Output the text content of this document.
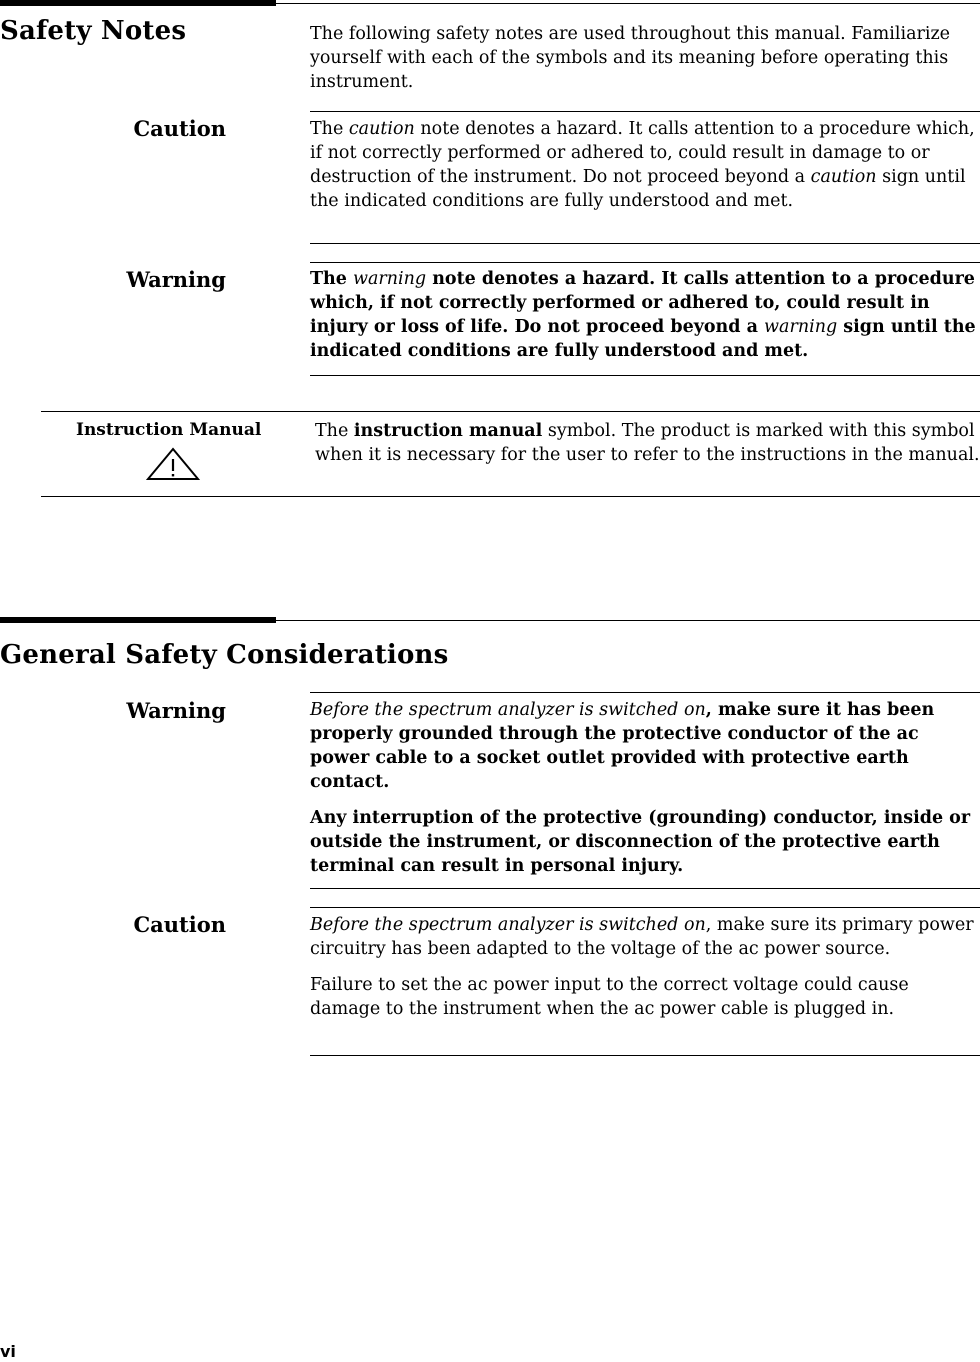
Safety Notes	The following safety notes are used throughout this manual. Familiarize yourself with each of the symbols and its meaning before operating this instrument.
Caution	The caution note denotes a hazard. It calls attention to a procedure which, if not correctly performed or adhered to, could result in damage to or destruction of the instrument. Do not proceed beyond a caution sign until the indicated conditions are fully understood and met.
Warning	The warning note denotes a hazard. It calls attention to a procedure which, if not correctly performed or adhered to, could result in injury or loss of life. Do not proceed beyond a warning sign until the indicated conditions are fully understood and met.
Instruction Manual	The instruction manual symbol. The product is marked with this symbol when it is necessary for the user to refer to the instructions in the manual.
General Safety Considerations
Warning	Before the spectrum analyzer is switched on, make sure it has been properly grounded through the protective conductor of the ac power cable to a socket outlet provided with protective earth contact.

Any interruption of the protective (grounding) conductor, inside or outside the instrument, or disconnection of the protective earth terminal can result in personal injury.

Caution	Before the spectrum analyzer is switched on, make sure its primary power circuitry has been adapted to the voltage of the ac power source.

Failure to set the ac power input to the correct voltage could cause damage to the instrument when the ac power cable is plugged in.

vi
